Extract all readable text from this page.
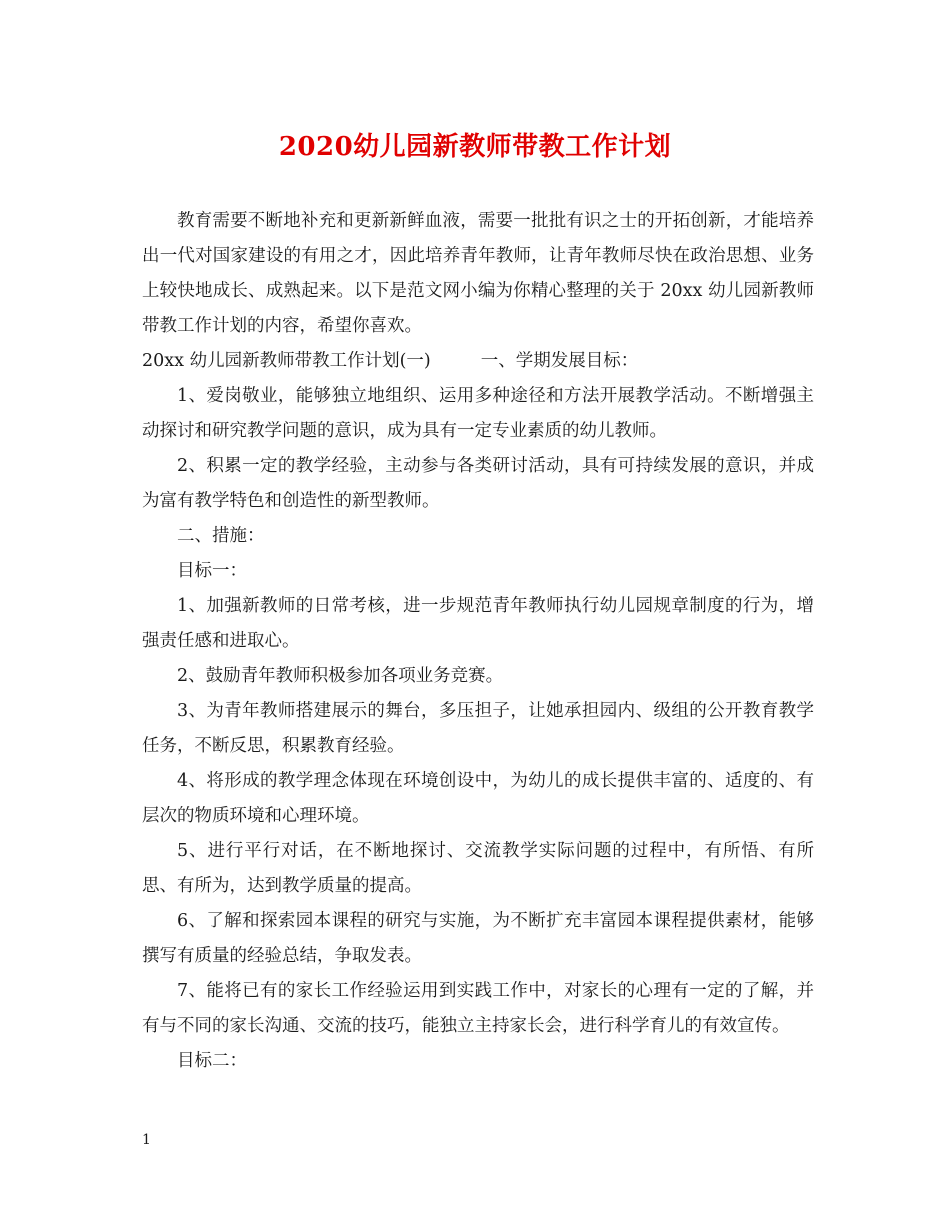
2020幼儿园新教师带教工作计划

教育需要不断地补充和更新新鲜血液，需要一批批有识之士的开拓创新，才能培养出一代对国家建设的有用之才，因此培养青年教师，让青年教师尽快在政治思想、业务上较快地成长、成熟起来。以下是范文网小编为你精心整理的关于 20xx 幼儿园新教师带教工作计划的内容，希望你喜欢。

20xx 幼儿园新教师带教工作计划(一)	一、学期发展目标：

1、爱岗敬业，能够独立地组织、运用多种途径和方法开展教学活动。不断增强主动探讨和研究教学问题的意识，成为具有一定专业素质的幼儿教师。

2、积累一定的教学经验，主动参与各类研讨活动，具有可持续发展的意识，并成为富有教学特色和创造性的新型教师。

二、措施：

目标一：

1、加强新教师的日常考核，进一步规范青年教师执行幼儿园规章制度的行为，增强责任感和进取心。

2、鼓励青年教师积极参加各项业务竞赛。

3、为青年教师搭建展示的舞台，多压担子，让她承担园内、级组的公开教育教学任务，不断反思，积累教育经验。

4、将形成的教学理念体现在环境创设中，为幼儿的成长提供丰富的、适度的、有层次的物质环境和心理环境。

5、进行平行对话，在不断地探讨、交流教学实际问题的过程中，有所悟、有所思、有所为，达到教学质量的提高。

6、了解和探索园本课程的研究与实施，为不断扩充丰富园本课程提供素材，能够撰写有质量的经验总结，争取发表。

7、能将已有的家长工作经验运用到实践工作中，对家长的心理有一定的了解，并有与不同的家长沟通、交流的技巧，能独立主持家长会，进行科学育儿的有效宣传。

目标二：

1
